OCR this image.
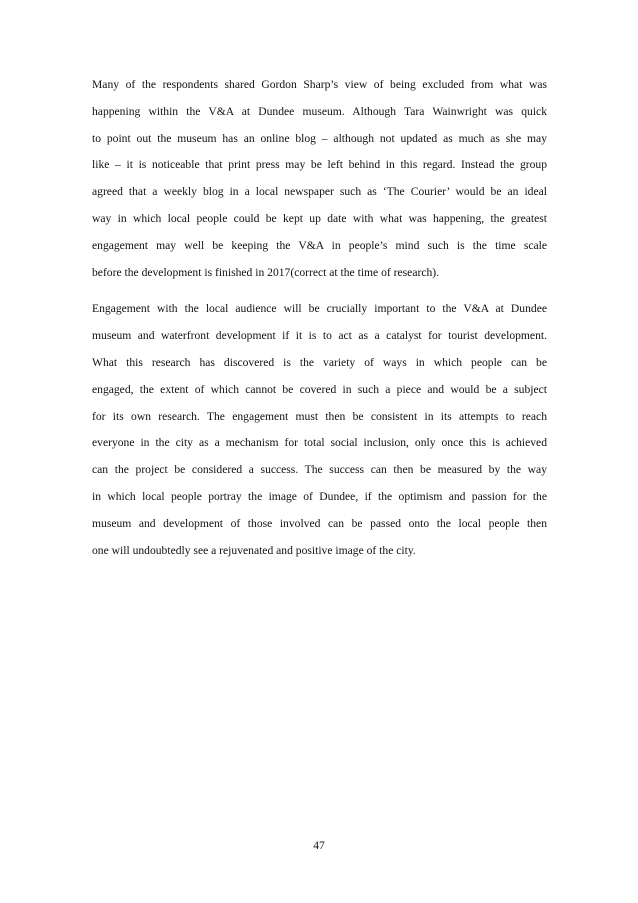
Many of the respondents shared Gordon Sharp’s view of being excluded from what was
happening within the V&A at Dundee museum. Although Tara Wainwright was quick
to point out the museum has an online blog – although not updated as much as she may
like – it is noticeable that print press may be left behind in this regard. Instead the group
agreed that a weekly blog in a local newspaper such as ‘The Courier’ would be an ideal
way in which local people could be kept up date with what was happening, the greatest
engagement may well be keeping the V&A in people’s mind such is the time scale
before the development is finished in 2017(correct at the time of research).

Engagement with the local audience will be crucially important to the V&A at Dundee
museum and waterfront development if it is to act as a catalyst for tourist development.
What this research has discovered is the variety of ways in which people can be
engaged, the extent of which cannot be covered in such a piece and would be a subject
for its own research. The engagement must then be consistent in its attempts to reach
everyone in the city as a mechanism for total social inclusion, only once this is achieved
can the project be considered a success. The success can then be measured by the way
in which local people portray the image of Dundee, if the optimism and passion for the
museum and development of those involved can be passed onto the local people then
one will undoubtedly see a rejuvenated and positive image of the city.

47
